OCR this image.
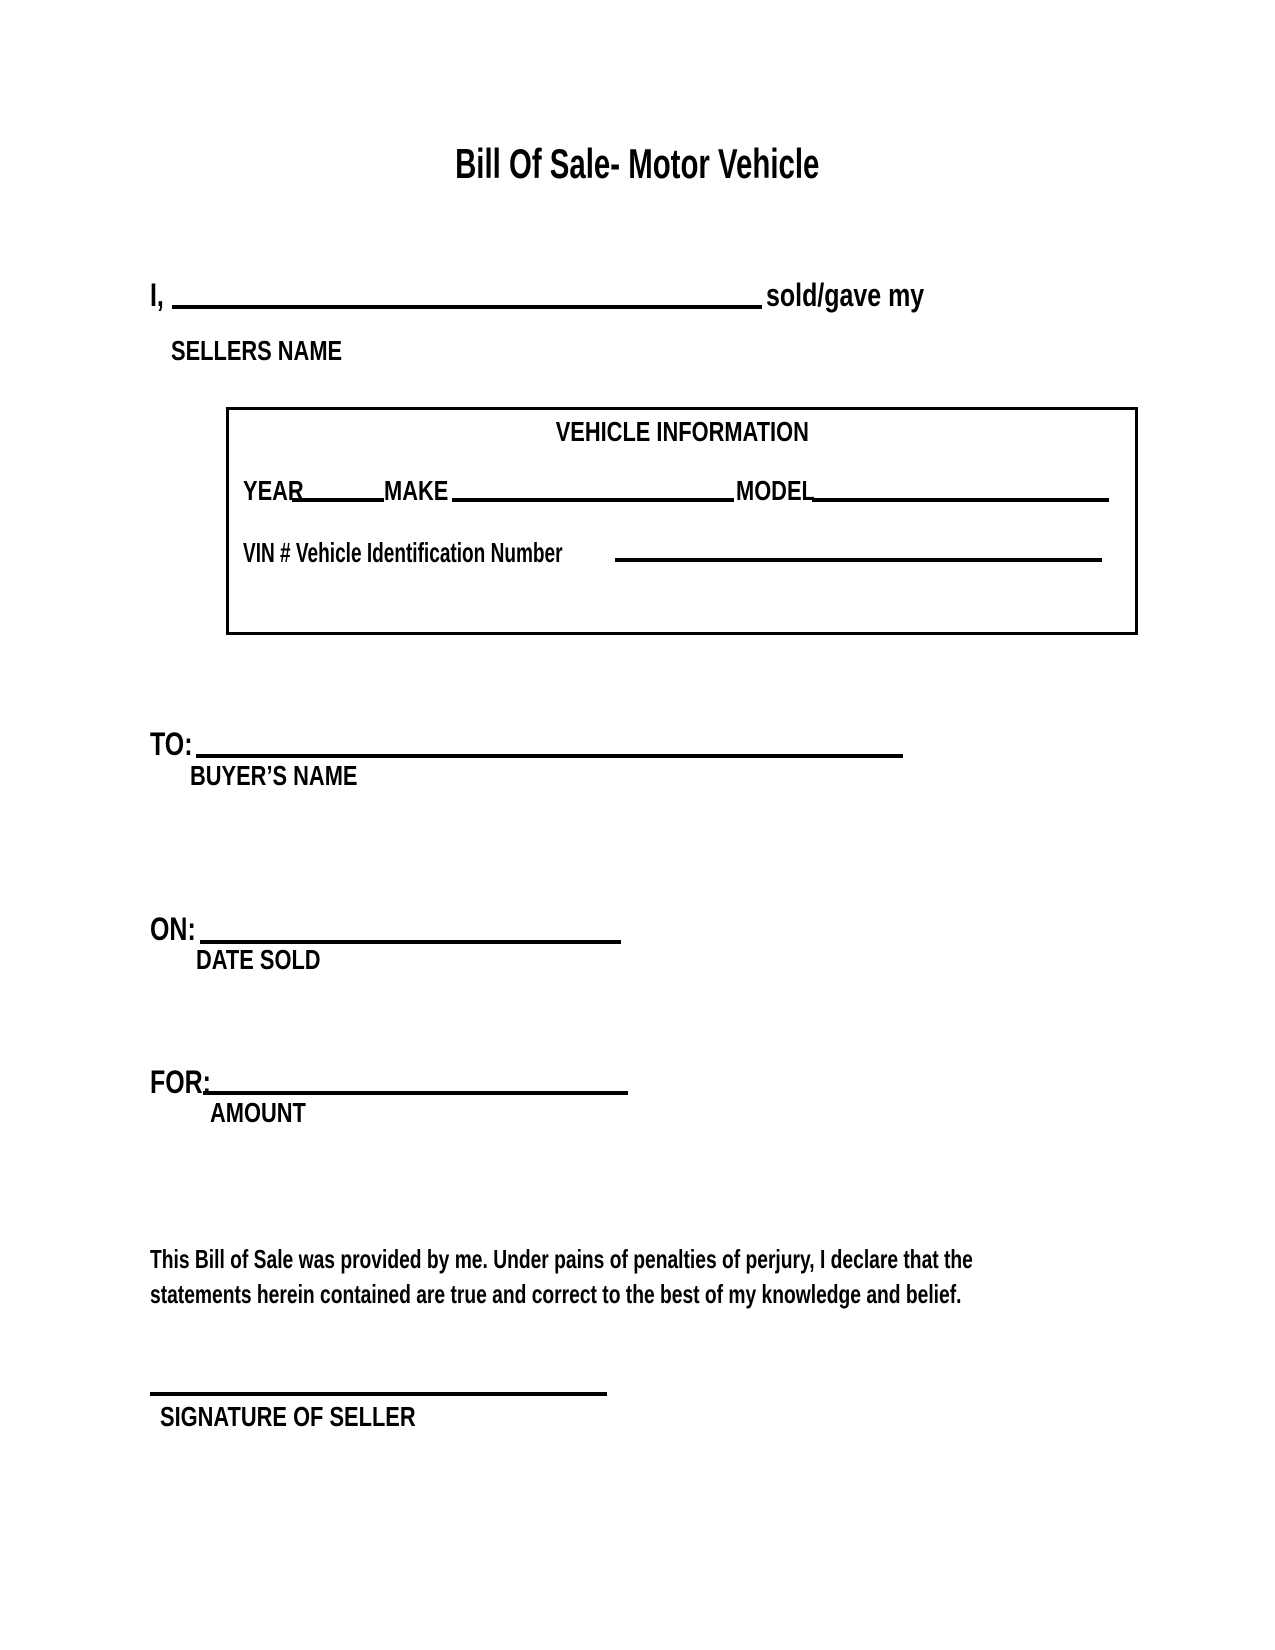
Bill Of Sale- Motor Vehicle
I,	sold/gave my
SELLERS NAME
VEHICLE INFORMATION
YEAR	MAKE	MODEL
VIN # Vehicle Identification Number
TO:
BUYER’S NAME
ON:
DATE SOLD
FOR:
AMOUNT
This Bill of Sale was provided by me. Under pains of penalties of perjury, I declare that the
statements herein contained are true and correct to the best of my knowledge and belief.
SIGNATURE OF SELLER
